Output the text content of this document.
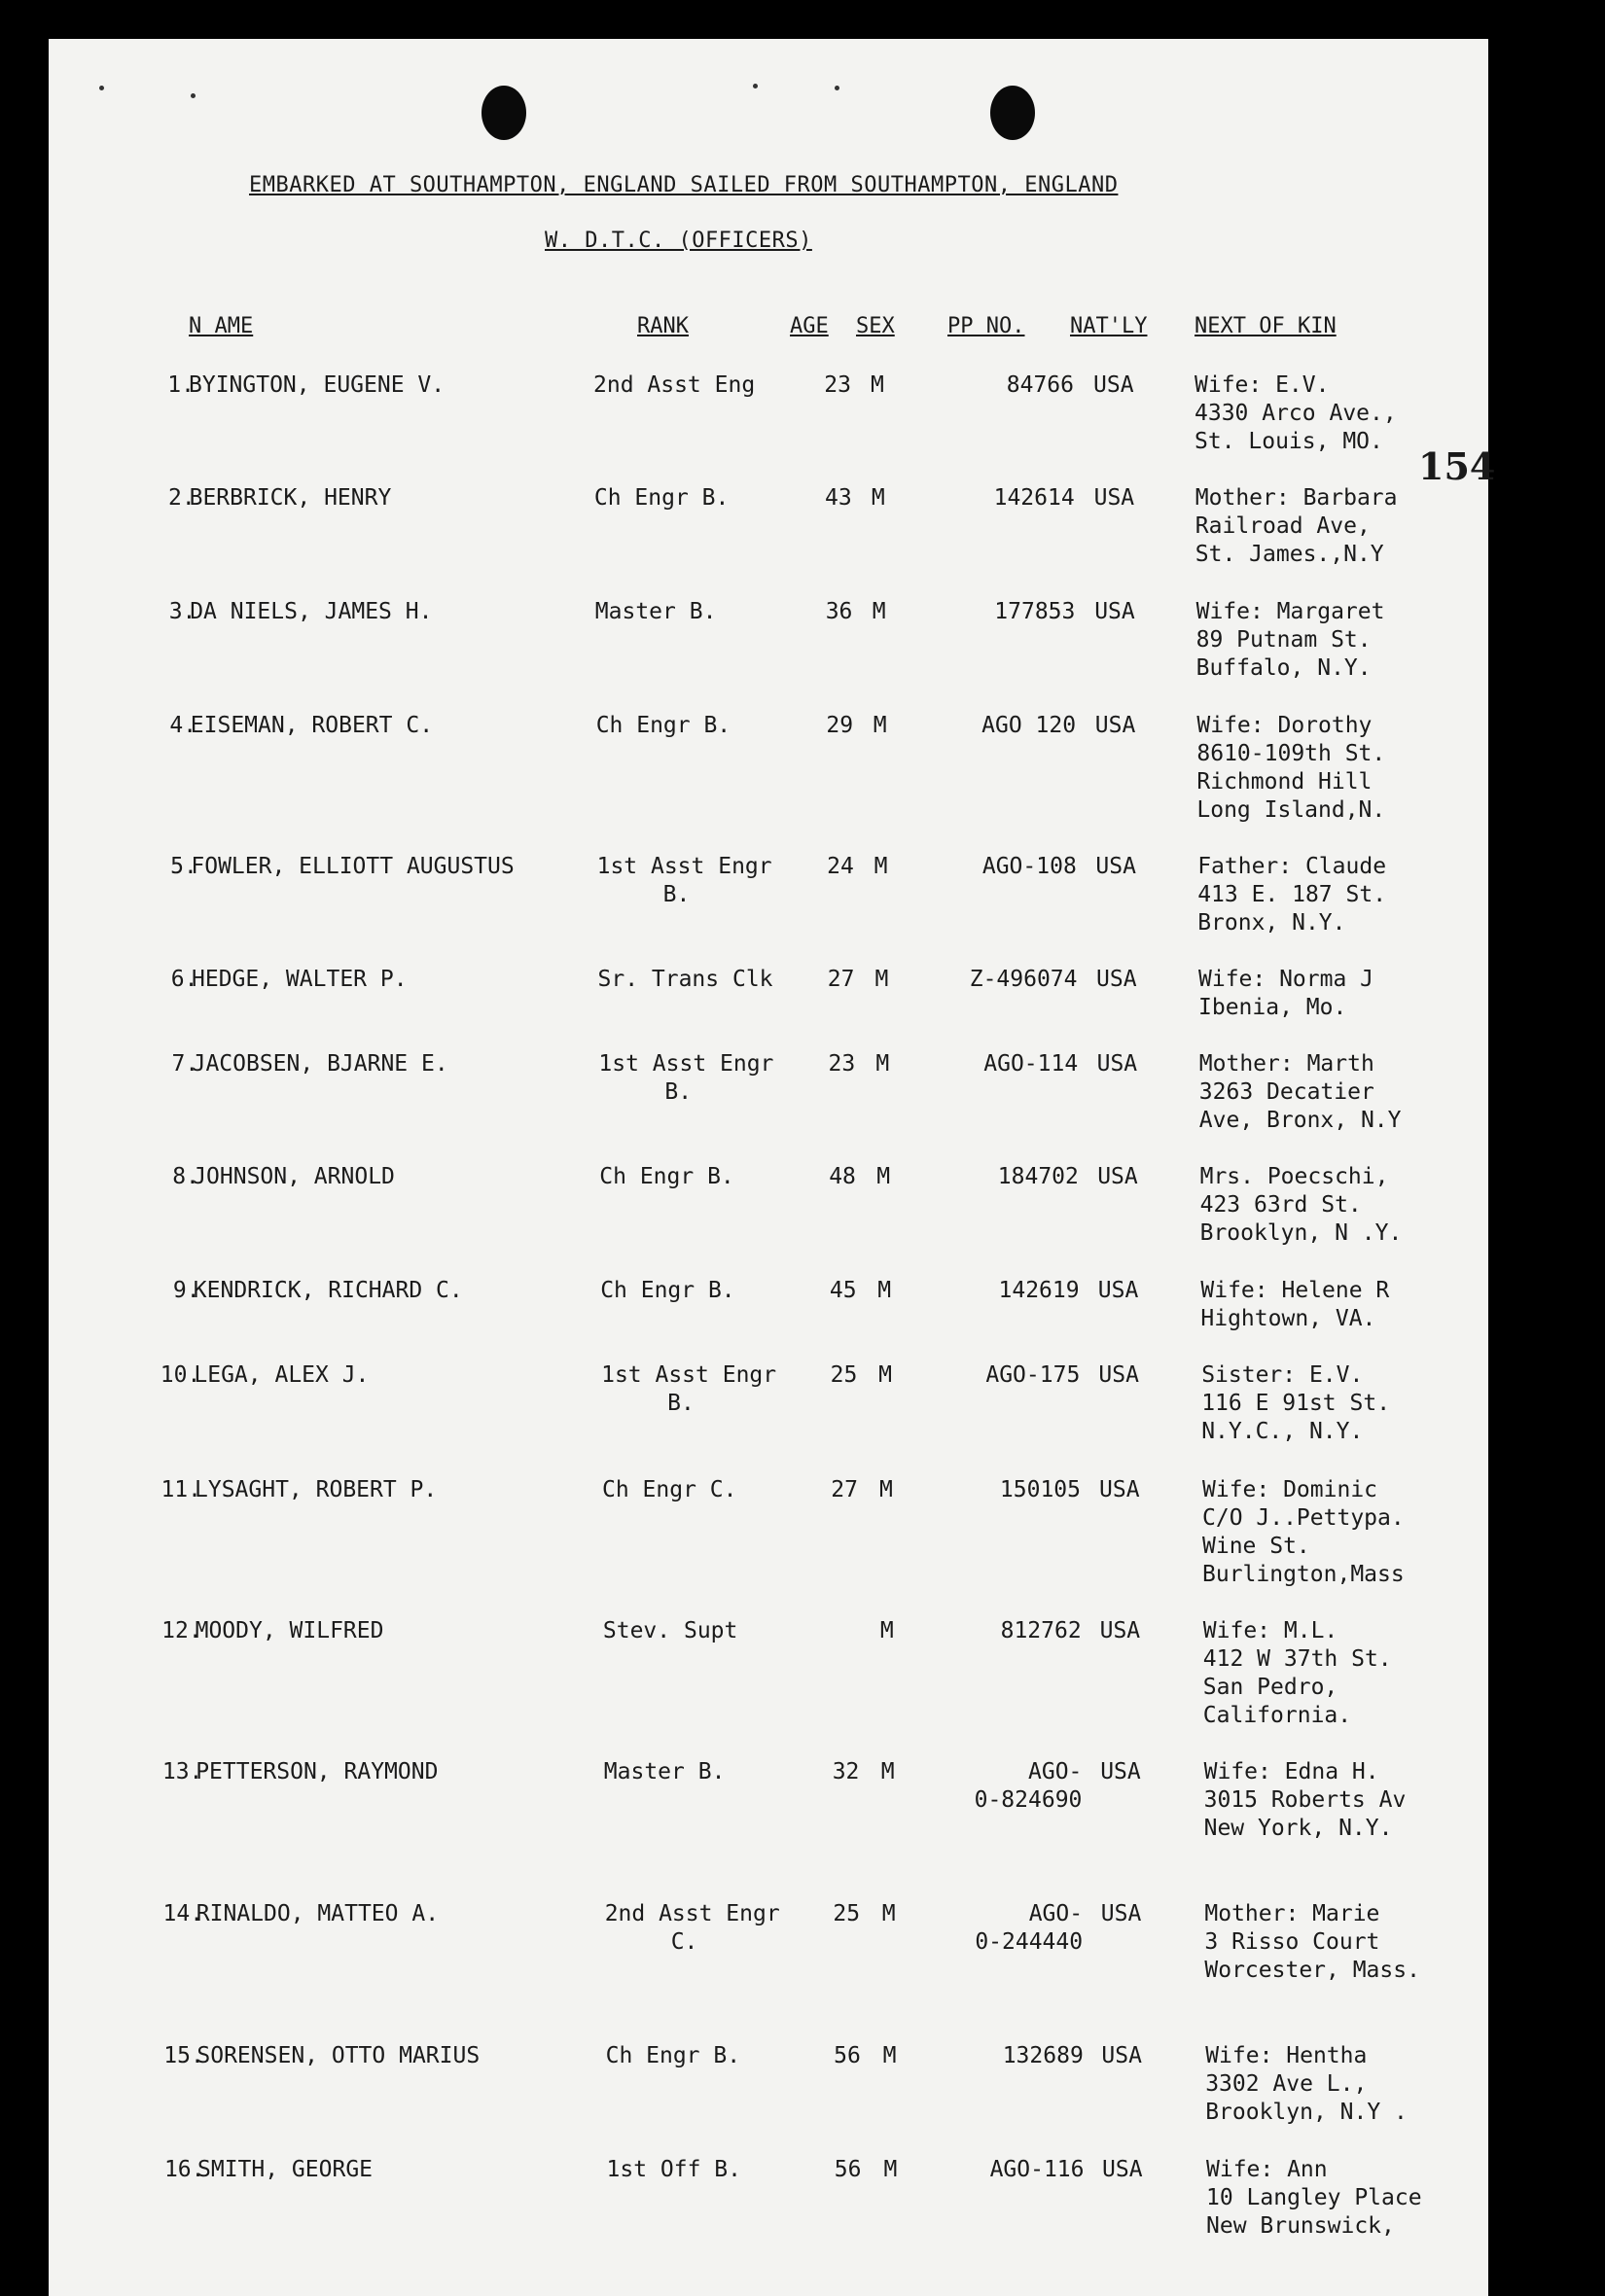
EMBARKED AT SOUTHAMPTON, ENGLAND SAILED FROM SOUTHAMPTON, ENGLAND
W. D.T.C. (OFFICERS)
N AME	RANK	AGE SEX PP NO. NAT'LY NEXT OF KIN
154
1.
BYINGTON, EUGENE V.	2nd Asst Eng	23 M	84766 USA	Wife: E.V.
4330 Arco Ave.,
St. Louis, MO.
2.
BERBRICK, HENRY	Ch Engr B.	43 M	142614 USA	Mother: Barbara
Railroad Ave,
St. James.,N.Y
3.
DA NIELS, JAMES H.	Master B.	36 M	177853 USA	Wife: Margaret
89 Putnam St.
Buffalo, N.Y.
4.
EISEMAN, ROBERT C.	Ch Engr B.	29 M	AGO 120 USA	Wife: Dorothy
8610-109th St.
Richmond Hill
Long Island,N.
5.
FOWLER, ELLIOTT AUGUSTUS	1st Asst Engr
B.
24 M	AGO-108 USA	Father: Claude
413 E. 187 St.
Bronx, N.Y.
6.
HEDGE, WALTER P.	Sr. Trans Clk	27 M	Z-496074 USA	Wife: Norma J
Ibenia, Mo.
7.
JACOBSEN, BJARNE E.	1st Asst Engr
B.
23 M	AGO-114 USA	Mother: Marth
3263 Decatier
Ave, Bronx, N.Y
8.
JOHNSON, ARNOLD	Ch Engr B.	48 M	184702 USA	Mrs. Poecschi,
423 63rd St.
Brooklyn, N .Y.
9.
KENDRICK, RICHARD C.	Ch Engr B.	45 M	142619 USA	Wife: Helene R
Hightown, VA.
10.
LEGA, ALEX J.	1st Asst Engr
B.
25 M	AGO-175 USA	Sister: E.V.
116 E 91st St.
N.Y.C., N.Y.
11.
LYSAGHT, ROBERT P.	Ch Engr C.	27 M	150105 USA	Wife: Dominic
C/O J..Pettypa.
Wine St.
Burlington,Mass
12.
MOODY, WILFRED	Stev. Supt	M	812762 USA	Wife: M.L.
412 W 37th St.
San Pedro,
California.
13.
PETTERSON, RAYMOND	Master B.	32 M	AGO-
0-824690
USA	Wife: Edna H.
3015 Roberts Av
New York, N.Y.
14.
RINALDO, MATTEO A.	2nd Asst Engr
C.
25 M	AGO-
0-244440
USA	Mother: Marie
3 Risso Court
Worcester, Mass.
15.
SORENSEN, OTTO MARIUS	Ch Engr B.	56 M	132689 USA	Wife: Hentha
3302 Ave L.,
Brooklyn, N.Y .
16.
SMITH, GEORGE	1st Off B.	56 M	AGO-116 USA	Wife: Ann
10 Langley Place
New Brunswick,
